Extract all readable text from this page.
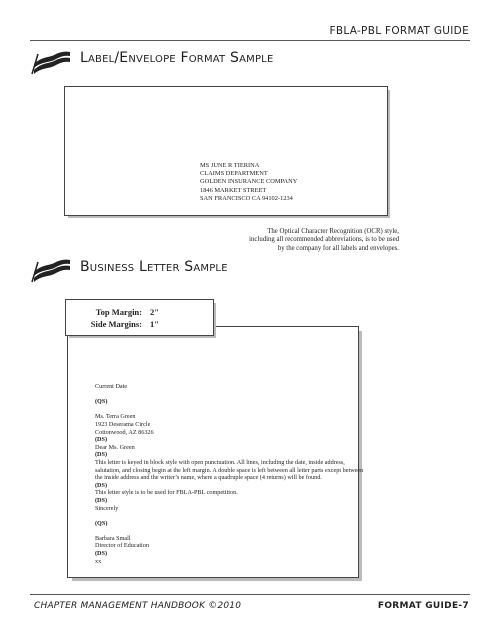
FBLA-PBL FORMAT GUIDE
Label/Envelope Format Sample
MS JUNE R TIERINA
CLAIMS DEPARTMENT
GOLDEN INSURANCE COMPANY
1846 MARKET STREET
SAN FRANCISCO CA 94102-1234
The Optical Character Recognition (OCR) style,
including all recommended abbreviations, is to be used
by the company for all labels and envelopes.
Business Letter Sample
Top Margin: 2"
Side Margins: 1"
Current Date
(QS)
Ms. Terra Green
1923 Deserama Circle
Cottonwood, AZ 86326
(DS)
Dear Ms. Green
(DS)
This letter is keyed in block style with open punctuation. All lines, including the date, inside address, salutation, and closing begin at the left margin. A double space is left between all letter parts except between the inside address and the writer’s name, where a quadruple space (4 returns) will be found.
(DS)
This letter style is to be used for FBLA-PBL competition.
(DS)
Sincerely
(QS)
Barbara Small
Director of Education
(DS)
xx
CHAPTER MANAGEMENT HANDBOOK ©2010	FORMAT GUIDE-7
